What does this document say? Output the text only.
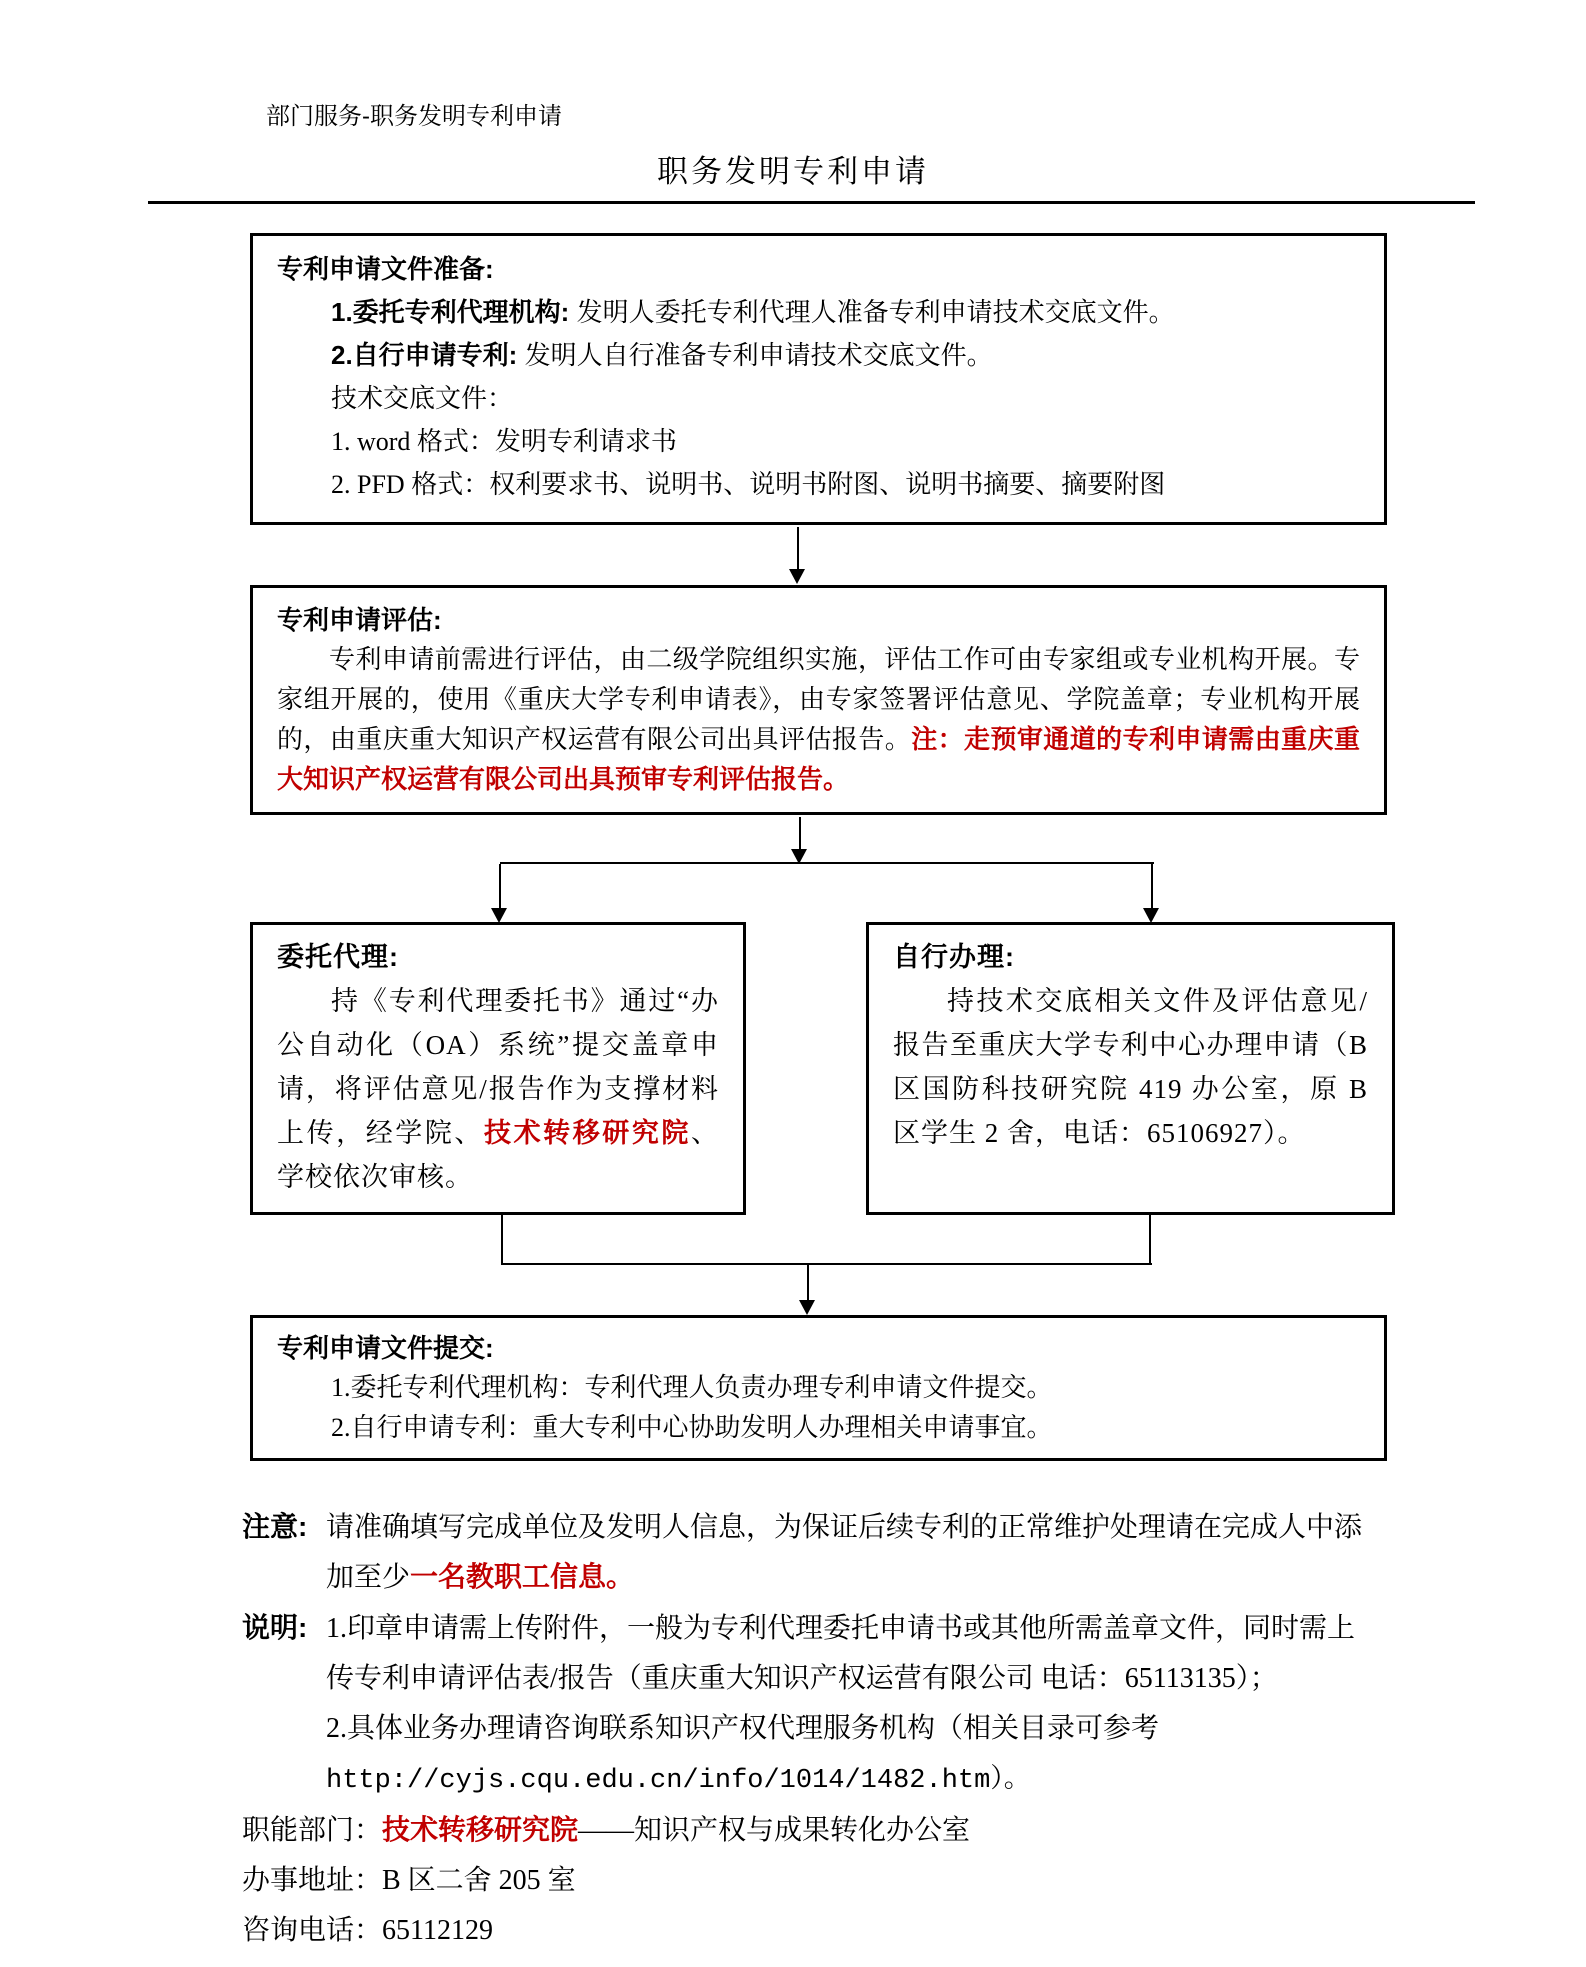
部门服务-职务发明专利申请
职务发明专利申请
专利申请文件准备:
1.委托专利代理机构: 发明人委托专利代理人准备专利申请技术交底文件。
2.自行申请专利: 发明人自行准备专利申请技术交底文件。
技术交底文件：
1. word 格式：发明专利请求书
2. PFD 格式：权利要求书、说明书、说明书附图、说明书摘要、摘要附图
专利申请评估:
专利申请前需进行评估，由二级学院组织实施，评估工作可由专家组或专业机构开展。专家组开展的，使用《重庆大学专利申请表》，由专家签署评估意见、学院盖章；专业机构开展的，由重庆重大知识产权运营有限公司出具评估报告。注：走预审通道的专利申请需由重庆重大知识产权运营有限公司出具预审专利评估报告。
委托代理:
持《专利代理委托书》通过“办公自动化（OA）系统”提交盖章申请，将评估意见/报告作为支撑材料上传，经学院、技术转移研究院、学校依次审核。
自行办理:
持技术交底相关文件及评估意见/报告至重庆大学专利中心办理申请（B 区国防科技研究院 419 办公室，原 B 区学生 2 舍，电话：65106927）。
专利申请文件提交:
1.委托专利代理机构：专利代理人负责办理专利申请文件提交。
2.自行申请专利：重大专利中心协助发明人办理相关申请事宜。
注意:请准确填写完成单位及发明人信息，为保证后续专利的正常维护处理请在完成人中添
加至少一名教职工信息。
说明:1.印章申请需上传附件，一般为专利代理委托申请书或其他所需盖章文件，同时需上
传专利申请评估表/报告（重庆重大知识产权运营有限公司 电话：65113135）；
2.具体业务办理请咨询联系知识产权代理服务机构（相关目录可参考
http://cyjs.cqu.edu.cn/info/1014/1482.htm）。
职能部门：技术转移研究院——知识产权与成果转化办公室
办事地址：B 区二舍 205 室
咨询电话：65112129
